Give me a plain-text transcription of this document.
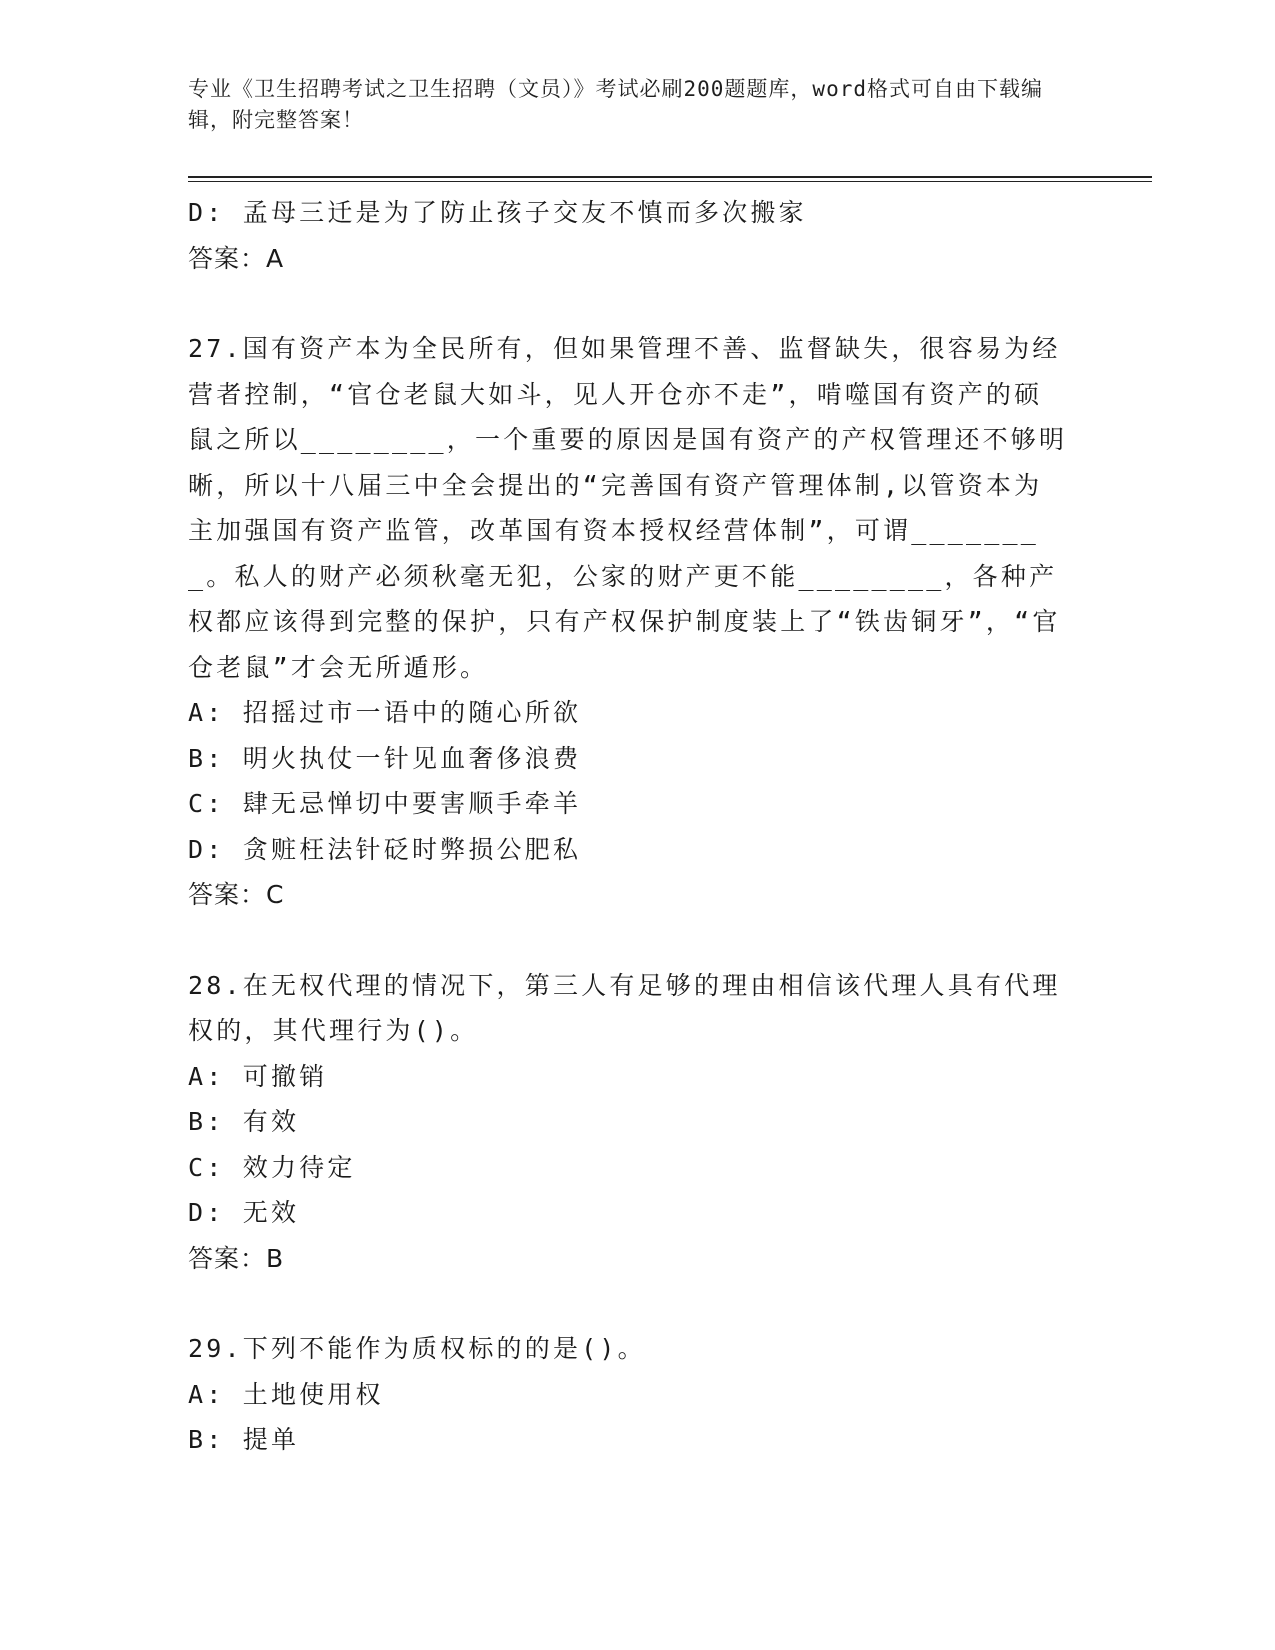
专业《卫生招聘考试之卫生招聘（文员）》考试必刷200题题库，word格式可自由下载编辑，附完整答案！
D: 孟母三迁是为了防止孩子交友不慎而多次搬家
答案：A
27.国有资产本为全民所有，但如果管理不善、监督缺失，很容易为经营者控制，“官仓老鼠大如斗，见人开仓亦不走”，啃噬国有资产的硕鼠之所以________，一个重要的原因是国有资产的产权管理还不够明晰，所以十八届三中全会提出的“完善国有资产管理体制,以管资本为主加强国有资产监管，改革国有资本授权经营体制”，可谓________。私人的财产必须秋毫无犯，公家的财产更不能________，各种产权都应该得到完整的保护，只有产权保护制度装上了“铁齿铜牙”，“官仓老鼠”才会无所遁形。
A: 招摇过市一语中的随心所欲
B: 明火执仗一针见血奢侈浪费
C: 肆无忌惮切中要害顺手牵羊
D: 贪赃枉法针砭时弊损公肥私
答案：C
28.在无权代理的情况下，第三人有足够的理由相信该代理人具有代理权的，其代理行为()。
A: 可撤销
B: 有效
C: 效力待定
D: 无效
答案：B
29.下列不能作为质权标的的是()。
A: 土地使用权
B: 提单
